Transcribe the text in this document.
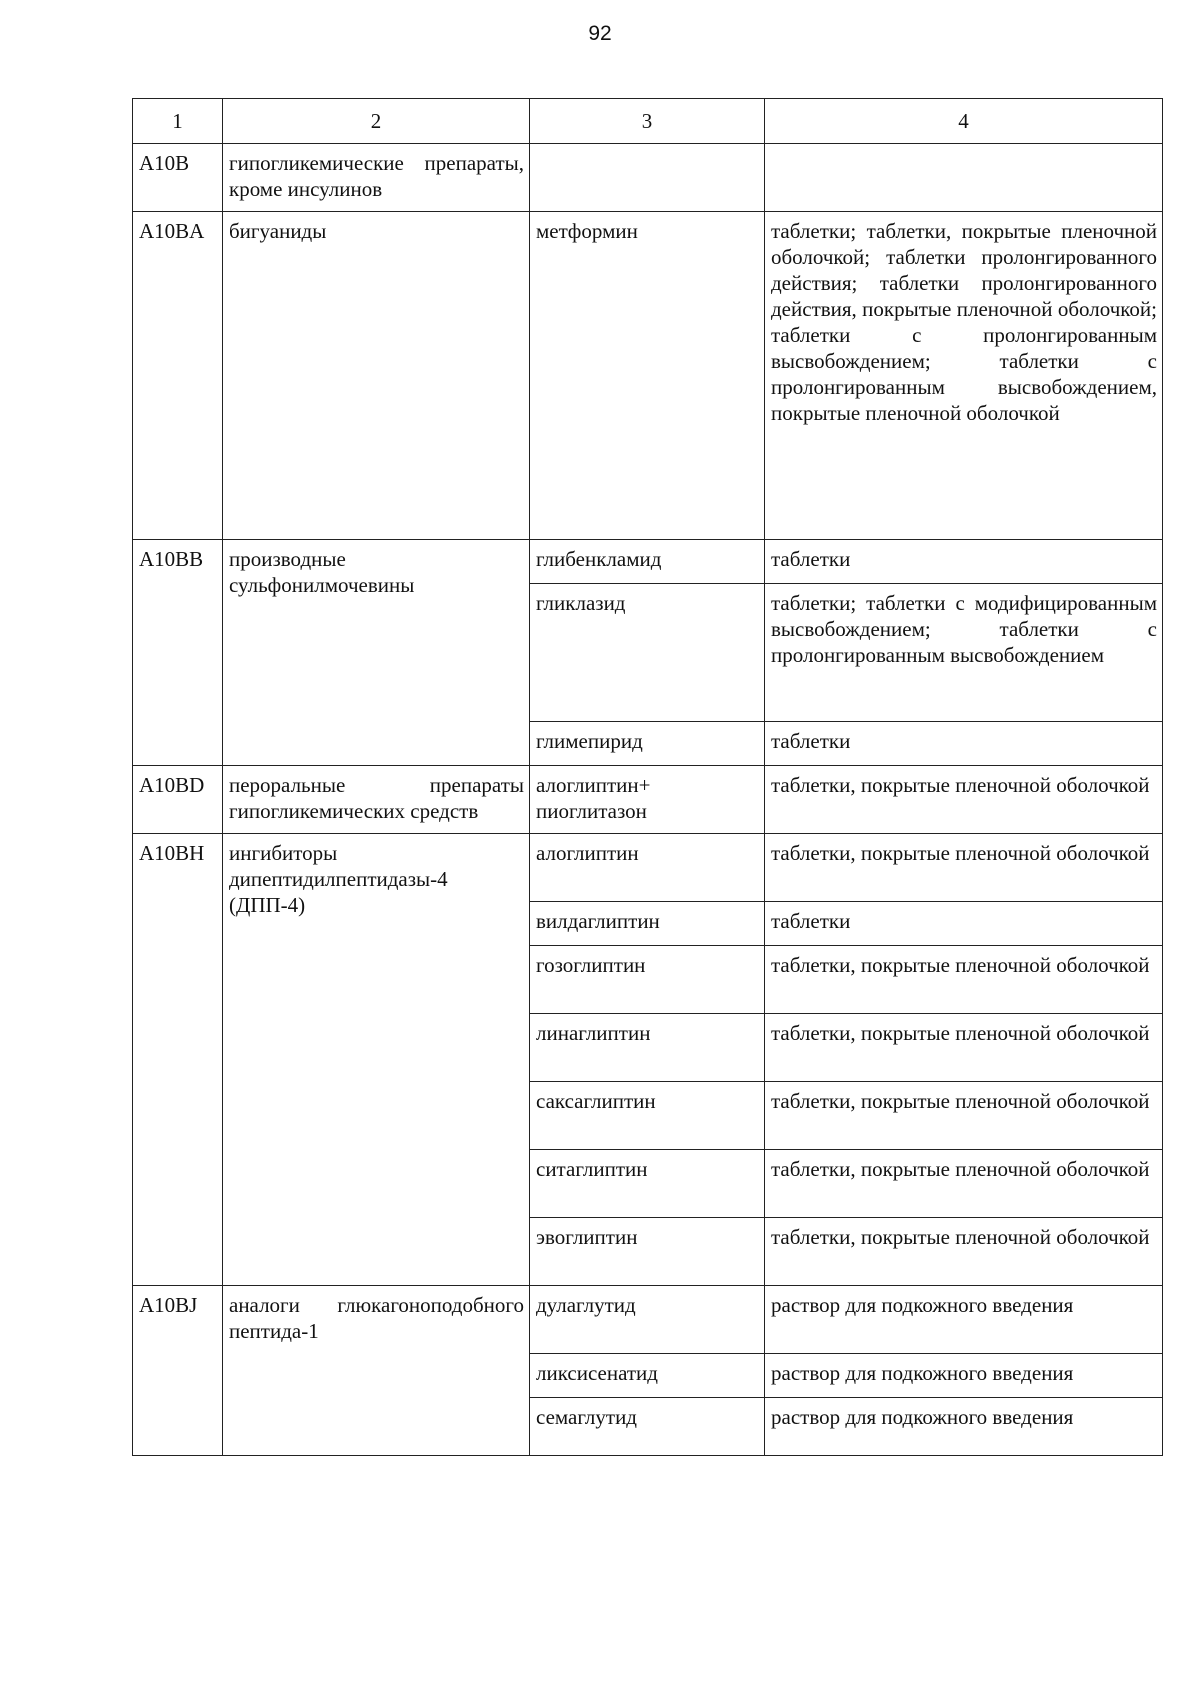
92
1	2	3	4
A10B	гипогликемические препараты, кроме инсулинов		
A10BA	бигуаниды	метформин	таблетки; таблетки, покрытые пленочной оболочкой; таблетки пролонгированного действия; таблетки пролонгированного действия, покрытые пленочной оболочкой; таблетки с пролонгированным высвобождением; таблетки с пролонгированным высвобождением, покрытые пленочной оболочкой
A10BB	производные сульфонилмочевины	глибенкламид	таблетки
		гликлазид	таблетки; таблетки с модифицированным высвобождением; таблетки с пролонгированным высвобождением
		глимепирид	таблетки
A10BD	пероральные препараты гипогликемических средств	алоглиптин+ пиоглитазон	таблетки, покрытые пленочной оболочкой
A10BH	ингибиторы дипептидилпептидазы-4 (ДПП-4)	алоглиптин	таблетки, покрытые пленочной оболочкой
		вилдаглиптин	таблетки
		гозоглиптин	таблетки, покрытые пленочной оболочкой
		линаглиптин	таблетки, покрытые пленочной оболочкой
		саксаглиптин	таблетки, покрытые пленочной оболочкой
		ситаглиптин	таблетки, покрытые пленочной оболочкой
		эвоглиптин	таблетки, покрытые пленочной оболочкой
A10BJ	аналоги глюкагоноподобного пептида-1	дулаглутид	раствор для подкожного введения
		ликсисенатид	раствор для подкожного введения
		семаглутид	раствор для подкожного введения
